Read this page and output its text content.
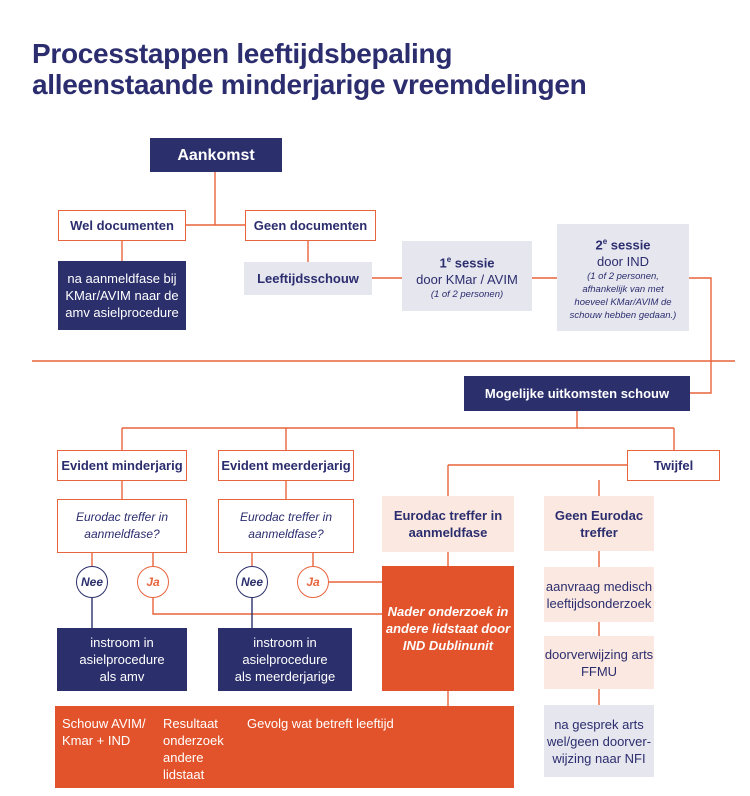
Processtappen leeftijdsbepaling
alleenstaande minderjarige vreemdelingen
Aankomst
Wel documenten	Geen documenten
na aanmeldfase bij
KMar/AVIM naar de
amv asielprocedure
Leeftijdsschouw
1e sessie
door KMar / AVIM
(1 of 2 personen)
2e sessie
door IND
(1 of 2 personen,
afhankelijk van met
hoeveel KMar/AVIM de
schouw hebben gedaan.)
Mogelijke uitkomsten schouw
Evident minderjarig	Evident meerderjarig	Twijfel
Eurodac treffer in
aanmeldfase?
Eurodac treffer in
aanmeldfase?
Eurodac treffer in
aanmeldfase
Geen Eurodac
treffer
Nee	Ja	Nee	Ja
instroom in
asielprocedure
als amv
instroom in
asielprocedure
als meerderjarige
Nader onderzoek in
andere lidstaat door
IND Dublinunit
aanvraag medisch
leeftijdsonderzoek
doorverwijzing arts
FFMU
na gesprek arts
wel/geen doorver-
wijzing naar NFI
Schouw AVIM/
Kmar + IND
Resultaat
onderzoek
andere
lidstaat
Gevolg wat betreft leeftijd
